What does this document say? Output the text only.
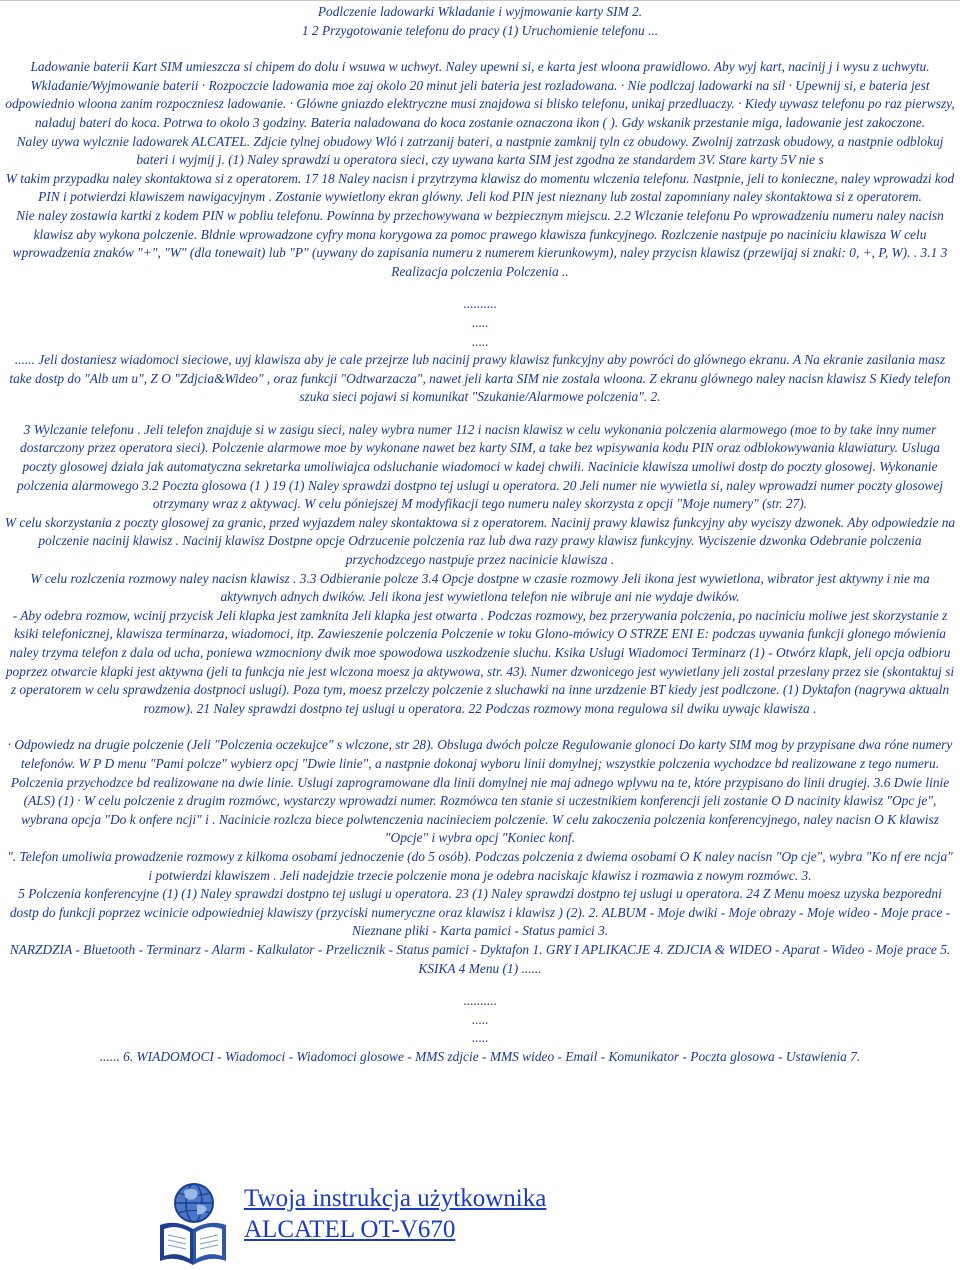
Podlczenie ladowarki Wkladanie i wyjmowanie karty SIM 2.

1 2 Przygotowanie telefonu do pracy (1) Uruchomienie telefonu ...

Ladowanie baterii Kart SIM umieszcza si chipem do dolu i wsuwa w uchwyt. Naley upewni si, e karta jest wloona prawidlowo. Aby wyj kart, nacinij j i wysu z uchwytu. Wkladanie/Wyjmowanie baterii · Rozpoczcie ladowania moe zaj okolo 20 minut jeli bateria jest rozladowana. · Nie podlczaj ladowarki na sil · Upewnij si, e bateria jest odpowiednio wloona zanim rozpoczniesz ladowanie. · Glówne gniazdo elektryczne musi znajdowa si blisko telefonu, unikaj przedluaczy. · Kiedy uywasz telefonu po raz pierwszy, naladuj bateri do koca. Potrwa to okolo 3 godziny. Bateria naladowana do koca zostanie oznaczona ikon ( ). Gdy wskanik przestanie miga, ladowanie jest zakoczone.

Naley uywa wylcznie ladowarek ALCATEL. Zdjcie tylnej obudowy Wló i zatrzanij bateri, a nastpnie zamknij tyln cz obudowy. Zwolnij zatrzask obudowy, a nastpnie odblokuj bateri i wyjmij j. (1) Naley sprawdzi u operatora sieci, czy uywana karta SIM jest zgodna ze standardem 3V. Stare karty 5V nie s

W takim przypadku naley skontaktowa si z operatorem. 17 18 Naley nacisn i przytrzyma klawisz do momentu wlczenia telefonu. Nastpnie, jeli to konieczne, naley wprowadzi kod PIN i potwierdzi klawiszem nawigacyjnym . Zostanie wywietlony ekran glówny. Jeli kod PIN jest nieznany lub zostal zapomniany naley skontaktowa si z operatorem.

Nie naley zostawia kartki z kodem PIN w pobliu telefonu. Powinna by przechowywana w bezpiecznym miejscu. 2.2 Wlczanie telefonu Po wprowadzeniu numeru naley nacisn klawisz aby wykona polczenie. Bldnie wprowadzone cyfry mona korygowa za pomoc prawego klawisza funkcyjnego. Rozlczenie nastpuje po naciniciu klawisza W celu wprowadzenia znaków "+", "W" (dla tonewait) lub "P" (uywany do zapisania numeru z numerem kierunkowym), naley przycisn klawisz (przewijaj si znaki: 0, +, P, W). . 3.1 3 Realizacja polczenia Polczenia ..

..........

.....

.....

...... Jeli dostaniesz wiadomoci sieciowe, uyj klawisza aby je cale przejrze lub nacinij prawy klawisz funkcyjny aby powróci do glównego ekranu. A Na ekranie zasilania masz take dostp do "Alb um u", Z O "Zdjcia&Wideo" , oraz funkcji "Odtwarzacza", nawet jeli karta SIM nie zostala wloona. Z ekranu glównego naley nacisn klawisz S Kiedy telefon szuka sieci pojawi si komunikat "Szukanie/Alarmowe polczenia". 2.

3 Wylczanie telefonu . Jeli telefon znajduje si w zasigu sieci, naley wybra numer 112 i nacisn klawisz w celu wykonania polczenia alarmowego (moe to by take inny numer dostarczony przez operatora sieci). Polczenie alarmowe moe by wykonane nawet bez karty SIM, a take bez wpisywania kodu PIN oraz odblokowywania klawiatury. Usluga poczty glosowej dziala jak automatyczna sekretarka umoliwiajca odsluchanie wiadomoci w kadej chwili. Nacinicie klawisza umoliwi dostp do poczty glosowej. Wykonanie polczenia alarmowego 3.2 Poczta glosowa (1 ) 19 (1) Naley sprawdzi dostpno tej uslugi u operatora. 20 Jeli numer nie wywietla si, naley wprowadzi numer poczty glosowej otrzymany wraz z aktywacj. W celu póniejszej M modyfikacji tego numeru naley skorzysta z opcji "Moje numery" (str. 27).

W celu skorzystania z poczty glosowej za granic, przed wyjazdem naley skontaktowa si z operatorem. Nacinij prawy klawisz funkcyjny aby wyciszy dzwonek. Aby odpowiedzie na polczenie nacinij klawisz . Nacinij klawisz Dostpne opcje Odrzucenie polczenia raz lub dwa razy prawy klawisz funkcyjny. Wyciszenie dzwonka Odebranie polczenia przychodzcego nastpuje przez nacinicie klawisza .

W celu rozlczenia rozmowy naley nacisn klawisz . 3.3 Odbieranie polcze 3.4 Opcje dostpne w czasie rozmowy Jeli ikona jest wywietlona, wibrator jest aktywny i nie ma aktywnych adnych dwików. Jeli ikona jest wywietlona telefon nie wibruje ani nie wydaje dwików.

- Aby odebra rozmow, wcinij przycisk Jeli klapka jest zamknita Jeli klapka jest otwarta . Podczas rozmowy, bez przerywania polczenia, po naciniciu moliwe jest skorzystanie z ksiki telefonicznej, klawisza terminarza, wiadomoci, itp. Zawieszenie polczenia Polczenie w toku Glono-mówicy O STRZE ENI E: podczas uywania funkcji glonego mówienia naley trzyma telefon z dala od ucha, poniewa wzmocniony dwik moe spowodowa uszkodzenie sluchu. Ksika Uslugi Wiadomoci Terminarz (1) - Otwórz klapk, jeli opcja odbioru poprzez otwarcie klapki jest aktywna (jeli ta funkcja nie jest wlczona moesz ja aktywowa, str. 43). Numer dzwonicego jest wywietlany jeli zostal przeslany przez sie (skontaktuj si z operatorem w celu sprawdzenia dostpnoci uslugi). Poza tym, moesz przelczy polczenie z sluchawki na inne urzdzenie BT kiedy jest podlczone. (1) Dyktafon (nagrywa aktualn rozmow). 21 Naley sprawdzi dostpno tej uslugi u operatora. 22 Podczas rozmowy mona regulowa sil dwiku uywajc klawisza .

· Odpowiedz na drugie polczenie (Jeli "Polczenia oczekujce" s wlczone, str 28). Obsluga dwóch polcze Regulowanie glonoci Do karty SIM mog by przypisane dwa róne numery telefonów. W P D menu "Pami polcze" wybierz opcj "Dwie linie", a nastpnie dokonaj wyboru linii domylnej; wszystkie polczenia wychodzce bd realizowane z tego numeru. Polczenia przychodzce bd realizowane na dwie linie. Uslugi zaprogramowane dla linii domylnej nie maj adnego wplywu na te, które przypisano do linii drugiej. 3.6 Dwie linie (ALS) (1) · W celu polczenie z drugim rozmówc, wystarczy wprowadzi numer. Rozmówca ten stanie si uczestnikiem konferencji jeli zostanie O D nacinity klawisz "Opc je", wybrana opcja "Do k onfere ncji" i . Nacinicie rozlcza biece polwtenczenia nacinieciem polczenie. W celu zakoczenia polczenia konferencyjnego, naley nacisn O K klawisz "Opcje" i wybra opcj "Koniec konf.

". Telefon umoliwia prowadzenie rozmowy z kilkoma osobami jednoczenie (do 5 osób). Podczas polczenia z dwiema osobami O K naley nacisn "Op cje", wybra "Ko nf ere ncja" i potwierdzi klawiszem . Jeli nadejdzie trzecie polczenie mona je odebra naciskajc klawisz i rozmawia z nowym rozmówc. 3.

5 Polczenia konferencyjne (1) (1) Naley sprawdzi dostpno tej uslugi u operatora. 23 (1) Naley sprawdzi dostpno tej uslugi u operatora. 24 Z Menu moesz uzyska bezporedni dostp do funkcji poprzez wcinicie odpowiedniej klawiszy (przyciski numeryczne oraz klawisz i klawisz ) (2). 2. ALBUM - Moje dwiki - Moje obrazy - Moje wideo - Moje prace - Nieznane pliki - Karta pamici - Status pamici 3.

NARZDZIA - Bluetooth - Terminarz - Alarm - Kalkulator - Przelicznik - Status pamici - Dyktafon 1. GRY I APLIKACJE 4. ZDJCIA & WIDEO - Aparat - Wideo - Moje prace 5. KSIKA 4 Menu (1) ......

..........

.....

.....

...... 6. WIADOMOCI - Wiadomoci - Wiadomoci glosowe - MMS zdjcie - MMS wideo - Email - Komunikator - Poczta glosowa - Ustawienia 7.

Twoja instrukcja użytkownika
ALCATEL OT-V670
